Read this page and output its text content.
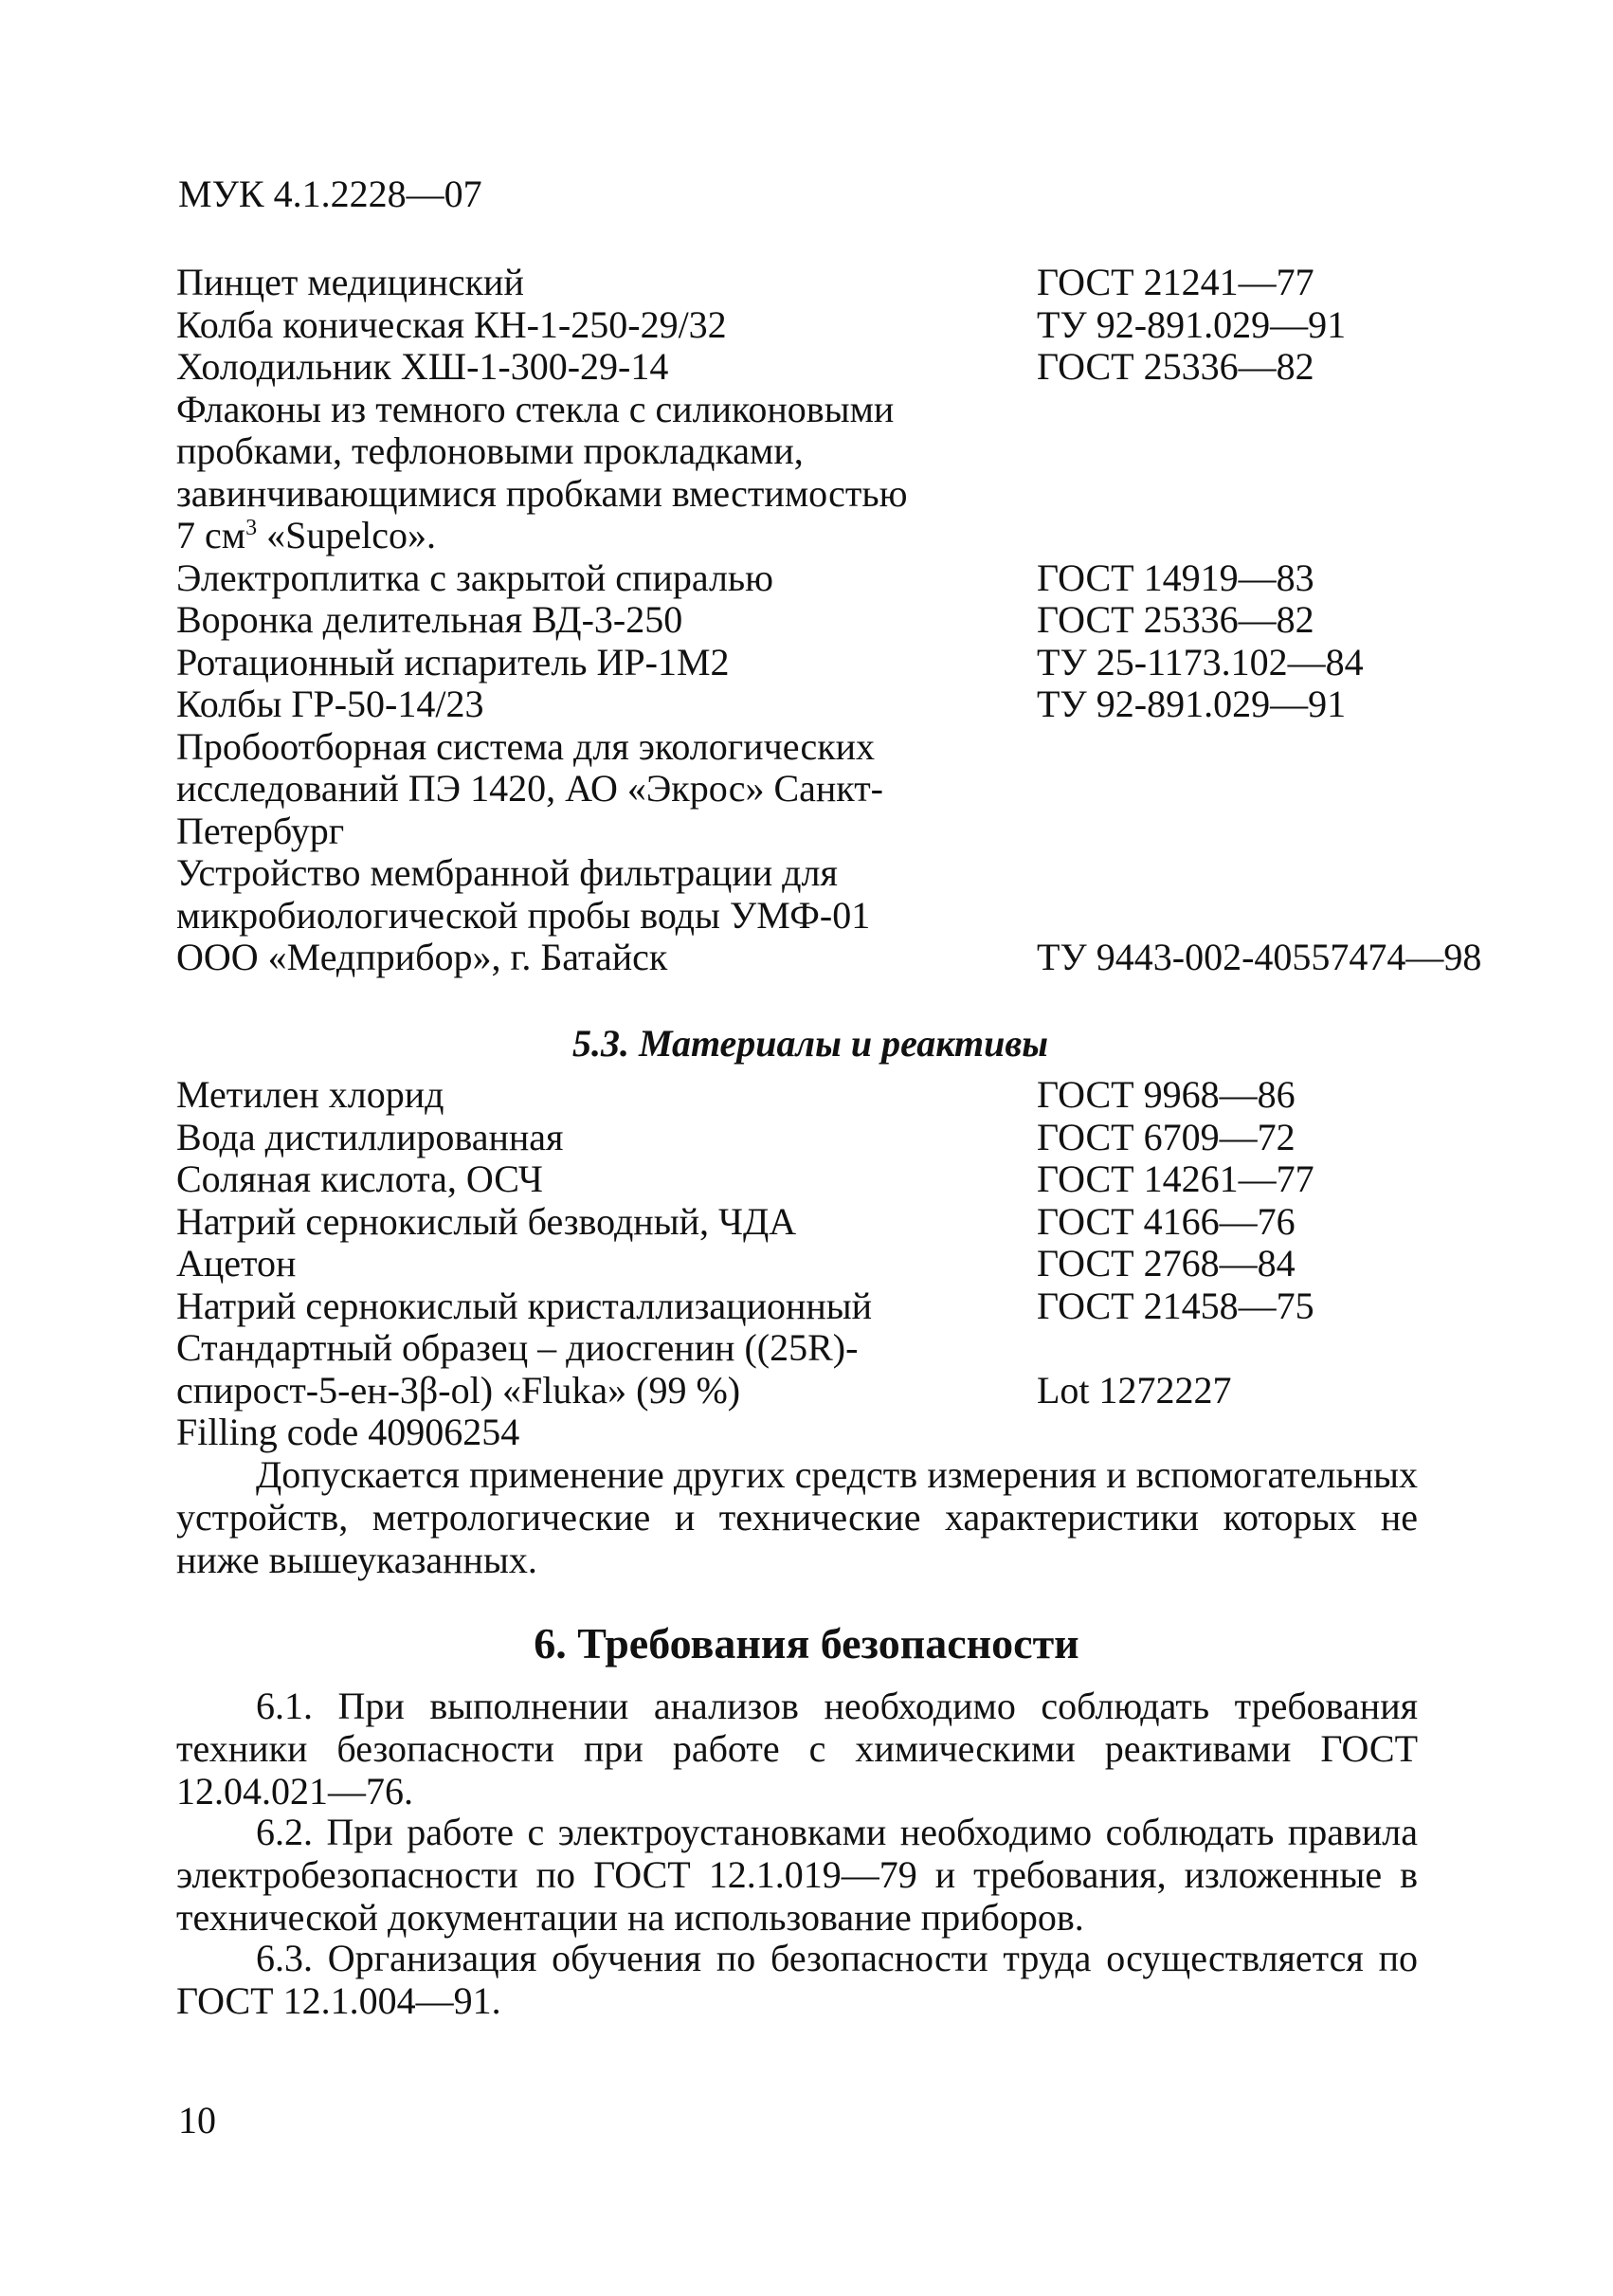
МУК 4.1.2228—07
Пинцет медицинский	ГОСТ 21241—77
Колба коническая КН-1-250-29/32	ТУ 92-891.029—91
Холодильник ХШ-1-300-29-14	ГОСТ 25336—82
Флаконы из темного стекла с силиконовыми
пробками, тефлоновыми прокладками,
завинчивающимися пробками вместимостью
7 $см^3$ «Supelco».
Электроплитка с закрытой спиралью	ГОСТ 14919—83
Воронка делительная ВД-3-250	ГОСТ 25336—82
Ротационный испаритель ИР-1М2	ТУ 25-1173.102—84
Колбы ГР-50-14/23	ТУ 92-891.029—91
Пробоотборная система для экологических
исследований ПЭ 1420, АО «Экрос» Санкт-
Петербург
Устройство мембранной фильтрации для
микробиологической пробы воды УМФ-01
ООО «Медприбор», г. Батайск	ТУ 9443-002-40557474—98
5.3. Материалы и реактивы
Метилен хлорид	ГОСТ 9968—86
Вода дистиллированная	ГОСТ 6709—72
Соляная кислота, ОСЧ	ГОСТ 14261—77
Натрий сернокислый безводный, ЧДА	ГОСТ 4166—76
Ацетон	ГОСТ 2768—84
Натрий сернокислый кристаллизационный	ГОСТ 21458—75
Стандартный образец – диосгенин ((25R)-
спирост-5-ен-3β-ol) «Fluka» (99 %)	Lot 1272227
Filling code 40906254
Допускается применение других средств измерения и вспомогательных устройств, метрологические и технические характеристики которых не ниже вышеуказанных.
6. Требования безопасности
6.1. При выполнении анализов необходимо соблюдать требования техники безопасности при работе с химическими реактивами ГОСТ 12.04.021—76.
6.2. При работе с электроустановками необходимо соблюдать правила электробезопасности по ГОСТ 12.1.019—79 и требования, изложенные в технической документации на использование приборов.
6.3. Организация обучения по безопасности труда осуществляется по ГОСТ 12.1.004—91.
10
